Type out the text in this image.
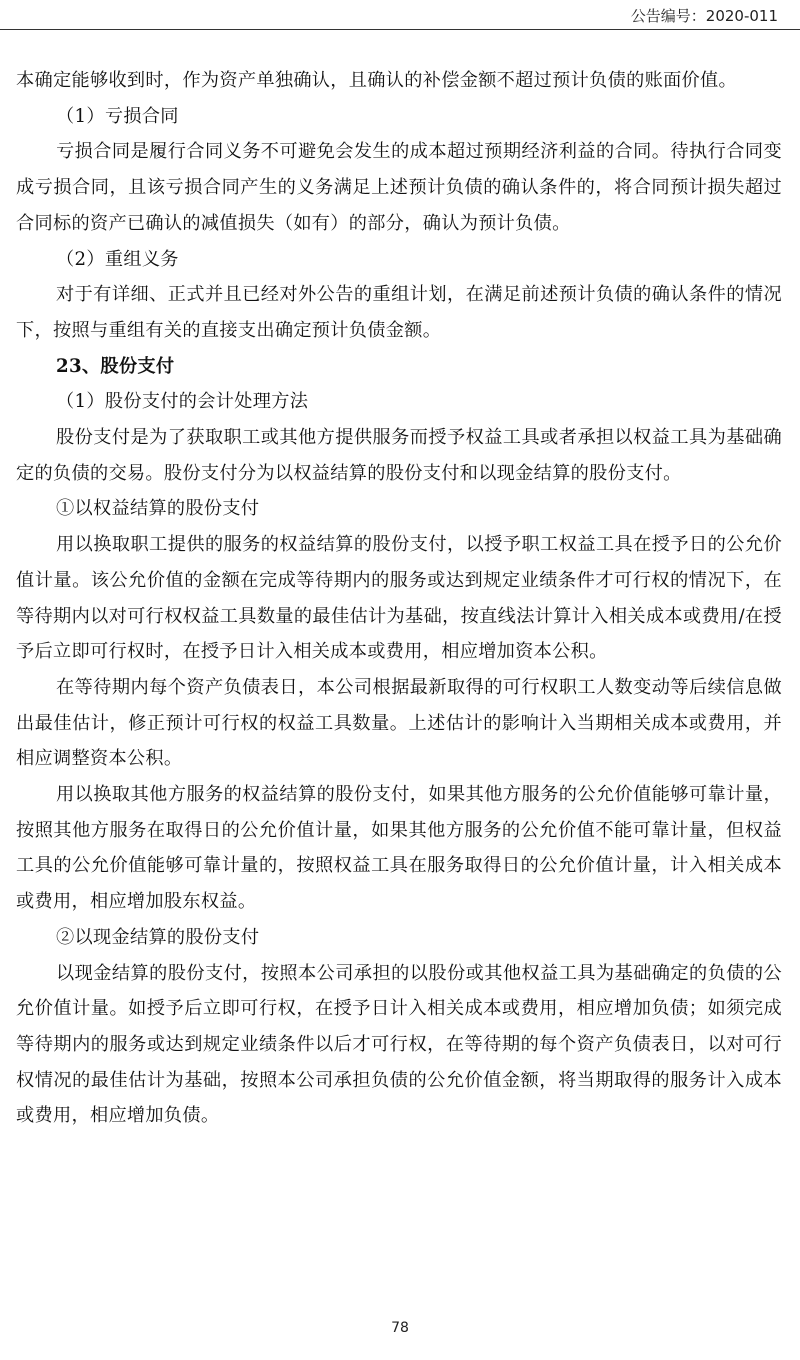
公告编号：2020-011

本确定能够收到时，作为资产单独确认，且确认的补偿金额不超过预计负债的账面价值。

（1）亏损合同

亏损合同是履行合同义务不可避免会发生的成本超过预期经济利益的合同。待执行合同变成亏损合同，且该亏损合同产生的义务满足上述预计负债的确认条件的，将合同预计损失超过合同标的资产已确认的减值损失（如有）的部分，确认为预计负债。

（2）重组义务

对于有详细、正式并且已经对外公告的重组计划，在满足前述预计负债的确认条件的情况下，按照与重组有关的直接支出确定预计负债金额。

23、股份支付

（1）股份支付的会计处理方法

股份支付是为了获取职工或其他方提供服务而授予权益工具或者承担以权益工具为基础确定的负债的交易。股份支付分为以权益结算的股份支付和以现金结算的股份支付。

①以权益结算的股份支付

用以换取职工提供的服务的权益结算的股份支付，以授予职工权益工具在授予日的公允价值计量。该公允价值的金额在完成等待期内的服务或达到规定业绩条件才可行权的情况下，在等待期内以对可行权权益工具数量的最佳估计为基础，按直线法计算计入相关成本或费用/在授予后立即可行权时，在授予日计入相关成本或费用，相应增加资本公积。

在等待期内每个资产负债表日，本公司根据最新取得的可行权职工人数变动等后续信息做出最佳估计，修正预计可行权的权益工具数量。上述估计的影响计入当期相关成本或费用，并相应调整资本公积。

用以换取其他方服务的权益结算的股份支付，如果其他方服务的公允价值能够可靠计量，按照其他方服务在取得日的公允价值计量，如果其他方服务的公允价值不能可靠计量，但权益工具的公允价值能够可靠计量的，按照权益工具在服务取得日的公允价值计量，计入相关成本或费用，相应增加股东权益。

②以现金结算的股份支付

以现金结算的股份支付，按照本公司承担的以股份或其他权益工具为基础确定的负债的公允价值计量。如授予后立即可行权，在授予日计入相关成本或费用，相应增加负债；如须完成等待期内的服务或达到规定业绩条件以后才可行权，在等待期的每个资产负债表日，以对可行权情况的最佳估计为基础，按照本公司承担负债的公允价值金额，将当期取得的服务计入成本或费用，相应增加负债。

78
